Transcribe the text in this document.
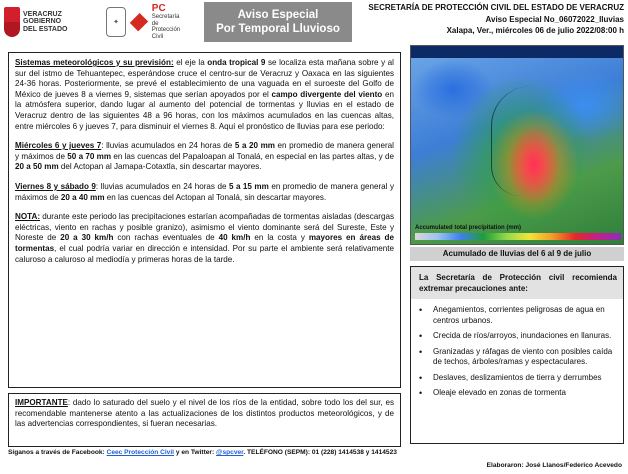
VERACRUZ
GOBIERNO
DEL ESTADO
✦
PC
Secretaría de
Protección Civil
Aviso Especial
Por Temporal Lluvioso
SECRETARÍA DE PROTECCIÓN CIVIL DEL ESTADO DE VERACRUZ
Aviso Especial No_06072022_lluvias
Xalapa, Ver., miércoles 06 de julio 2022/08:00 h

Sistemas meteorológicos y su previsión: el eje la onda tropical 9 se localiza esta mañana sobre y al sur del istmo de Tehuantepec, esperándose cruce el centro-sur de Veracruz y Oaxaca en las siguientes 24-36 horas. Posteriormente, se prevé el establecimiento de una vaguada en el suroeste del Golfo de México de jueves 8 a viernes 9, sistemas que serían apoyados por el campo divergente del viento en la atmósfera superior, dando lugar al aumento del potencial de tormentas y lluvias en el estado de Veracruz dentro de las siguientes 48 a 96 horas, con los máximos acumulados en las cuencas altas, entre miércoles 6 y jueves 7, para disminuir el viernes 8. Aquí el pronóstico de lluvias para ese periodo:

Miércoles 6 y jueves 7: lluvias acumulados en 24 horas de 5 a 20 mm en promedio de manera general y máximos de 50 a 70 mm en las cuencas del Papaloapan al Tonalá, en especial en las partes altas, y de 20 a 50 mm del Actopan al Jamapa-Cotaxtla, sin descartar mayores.

Viernes 8 y sábado 9: lluvias acumulados en 24 horas de 5 a 15 mm en promedio de manera general y máximos de 20 a 40 mm en las cuencas del Actopan al Tonalá, sin descartar mayores.

NOTA: durante este periodo las precipitaciones estarían acompañadas de tormentas aisladas (descargas eléctricas, viento en rachas y posible granizo), asimismo el viento dominante será del Sureste, Este y Noreste de 20 a 30 km/h con rachas eventuales de 40 km/h en la costa y mayores en áreas de tormentas, el cual podría variar en dirección e intensidad. Por su parte el ambiente será relativamente caluroso a caluroso al mediodía y primeras horas de la tarde.

Accumulated total precipitation (mm)
Acumulado de lluvias del 6 al 9 de julio
La Secretaría de Protección civil recomienda extremar precauciones ante:
• Anegamientos, corrientes peligrosas de agua en centros urbanos.
• Crecida de ríos/arroyos, inundaciones en llanuras.
• Granizadas y ráfagas de viento con posibles caída de techos, árboles/ramas y espectaculares.
• Deslaves, deslizamientos de tierra y derrumbes
• Oleaje elevado en zonas de tormenta
IMPORTANTE: dado lo saturado del suelo y el nivel de los ríos de la entidad, sobre todo los del sur, es recomendable mantenerse atento a las actualizaciones de los distintos productos meteorológicos, y de las advertencias correspondientes, si fueran necesarias.
Síganos a través de Facebook: Ceec Protección Civil y en Twitter: @spcver. TELÉFONO (SEPM): 01 (228) 1414538 y 1414523
Elaboraron: José Llanos/Federico Acevedo
